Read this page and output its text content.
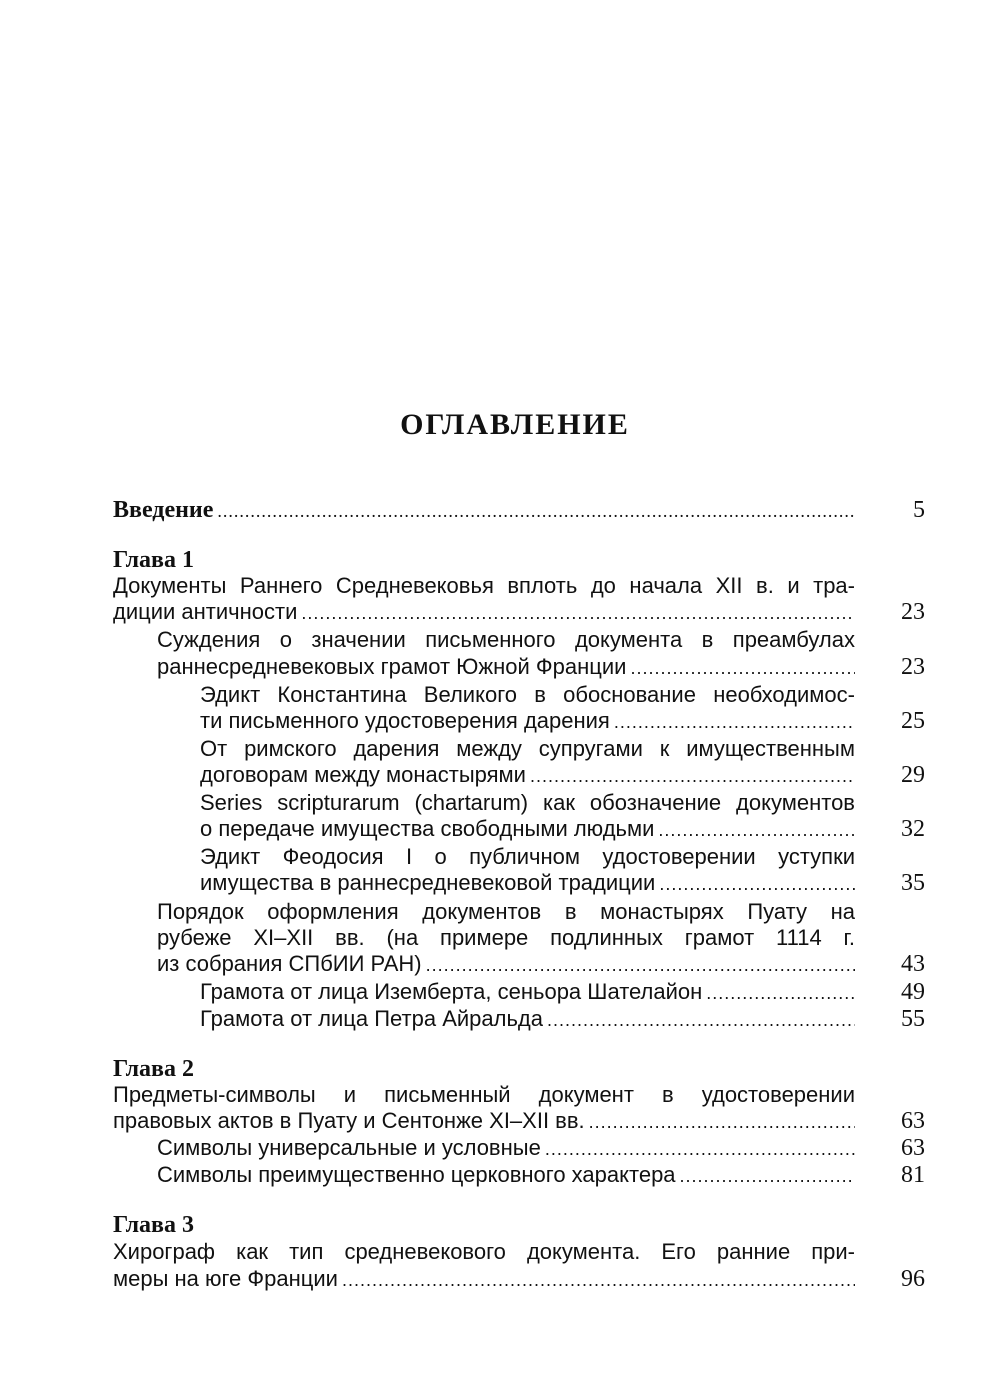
ОГЛАВЛЕНИЕ
Введение .....	5
Глава 1
Документы Раннего Средневековья вплоть до начала XII в. и тра-
диции античности .....	23
Суждения о значении письменного документа в преамбулах
раннесредневековых грамот Южной Франции .....	23
Эдикт Константина Великого в обоснование необходимос-
ти письменного удостоверения дарения .....	25
От римского дарения между супругами к имущественным
договорам между монастырями .....	29
Series scripturarum (chartarum) как обозначение документов
о передаче имущества свободными людьми .....	32
Эдикт Феодосия I о публичном удостоверении уступки
имущества в раннесредневековой традиции .....	35
Порядок оформления документов в монастырях Пуату на
рубеже XI–XII вв. (на примере подлинных грамот 1114 г.
из собрания СПбИИ РАН) .....	43
Грамота от лица Иземберта, сеньора Шателайон .....	49
Грамота от лица Петра Айральда .....	55
Глава 2
Предметы-символы и письменный документ в удостоверении
правовых актов в Пуату и Сентонже XI–XII вв. .....	63
Символы универсальные и условные .....	63
Символы преимущественно церковного характера .....	81
Глава 3
Хирограф как тип средневекового документа. Его ранние при-
меры на юге Франции .....	96
